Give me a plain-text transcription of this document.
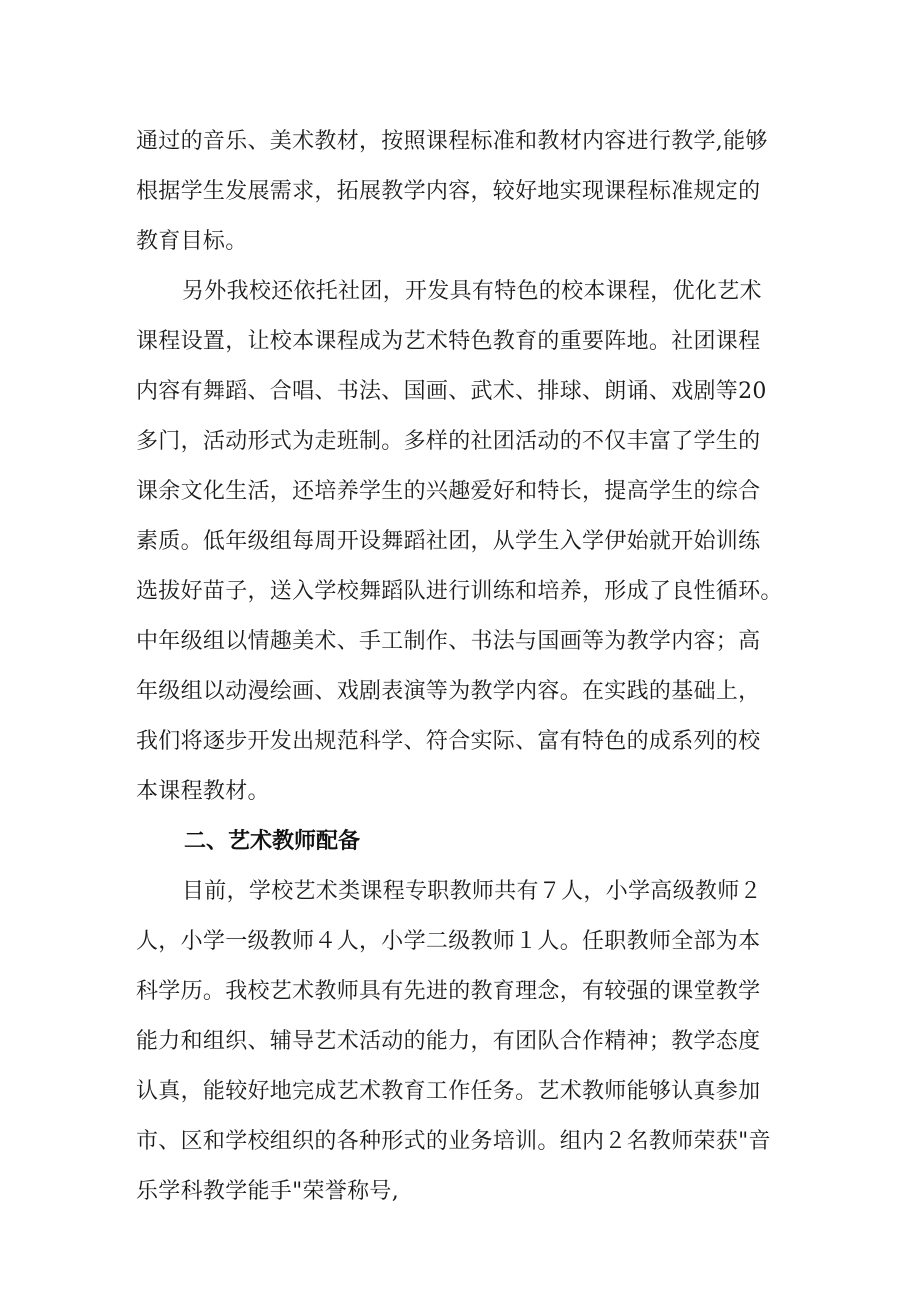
通过的音乐、美术教材，按照课程标准和教材内容进行教学,能够
根据学生发展需求，拓展教学内容，较好地实现课程标准规定的
教育目标。
另外我校还依托社团，开发具有特色的校本课程，优化艺术
课程设置，让校本课程成为艺术特色教育的重要阵地。社团课程
内容有舞蹈、合唱、书法、国画、武术、排球、朗诵、戏剧等20
多门，活动形式为走班制。多样的社团活动的不仅丰富了学生的
课余文化生活，还培养学生的兴趣爱好和特长，提高学生的综合
素质。低年级组每周开设舞蹈社团，从学生入学伊始就开始训练
选拔好苗子，送入学校舞蹈队进行训练和培养，形成了良性循环。
中年级组以情趣美术、手工制作、书法与国画等为教学内容；高
年级组以动漫绘画、戏剧表演等为教学内容。在实践的基础上，
我们将逐步开发出规范科学、符合实际、富有特色的成系列的校
本课程教材。
二、艺术教师配备
目前，学校艺术类课程专职教师共有７人，小学高级教师２
人，小学一级教师４人，小学二级教师１人。任职教师全部为本
科学历。我校艺术教师具有先进的教育理念，有较强的课堂教学
能力和组织、辅导艺术活动的能力，有团队合作精神；教学态度
认真，能较好地完成艺术教育工作任务。艺术教师能够认真参加
市、区和学校组织的各种形式的业务培训。组内２名教师荣获"音
乐学科教学能手"荣誉称号,
